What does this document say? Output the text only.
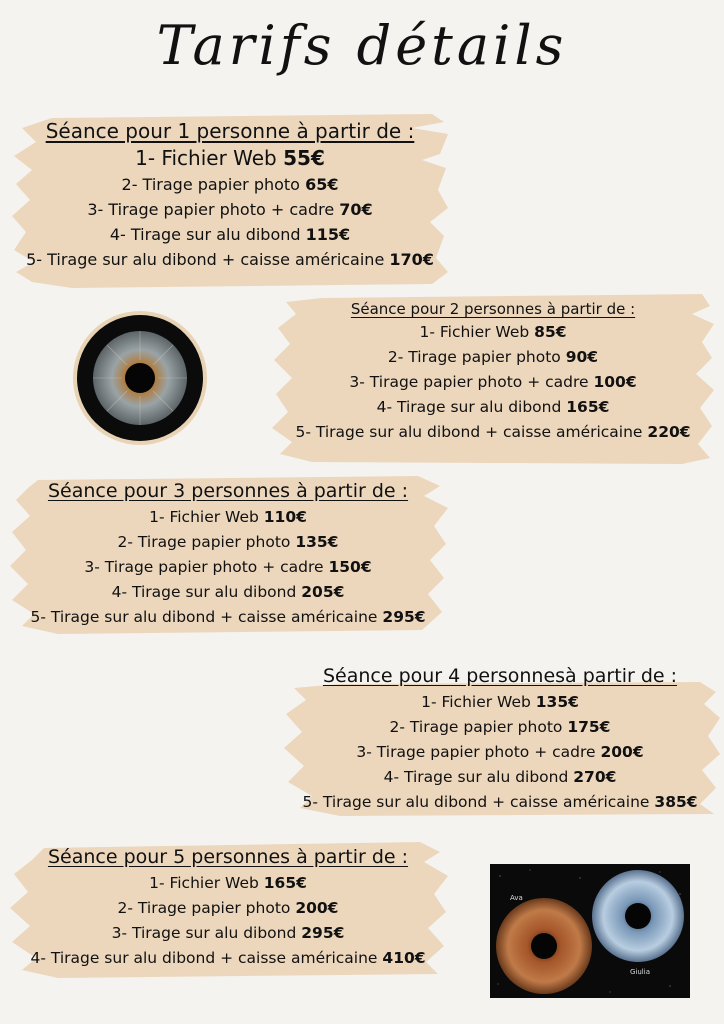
Tarifs détails
Séance pour 1 personne à partir de :
1- Fichier Web 55€
2- Tirage papier photo 65€
3- Tirage papier photo + cadre 70€
4- Tirage sur alu dibond 115€
5- Tirage sur alu dibond + caisse américaine 170€
Séance pour 2 personnes à partir de :
1- Fichier Web 85€
2- Tirage papier photo 90€
3- Tirage papier photo + cadre 100€
4- Tirage sur alu dibond 165€
5- Tirage sur alu dibond + caisse américaine 220€
Séance pour 3 personnes à partir de :
1- Fichier Web 110€
2- Tirage papier photo 135€
3- Tirage papier photo + cadre 150€
4- Tirage sur alu dibond 205€
5- Tirage sur alu dibond + caisse américaine 295€
Séance pour 4 personnesà partir de :
1- Fichier Web 135€
2- Tirage papier photo 175€
3- Tirage papier photo + cadre 200€
4- Tirage sur alu dibond 270€
5- Tirage sur alu dibond + caisse américaine 385€
Séance pour 5 personnes à partir de :
1- Fichier Web 165€
2- Tirage papier photo 200€
3- Tirage sur alu dibond 295€
4- Tirage sur alu dibond + caisse américaine 410€
Ava
Giulia
